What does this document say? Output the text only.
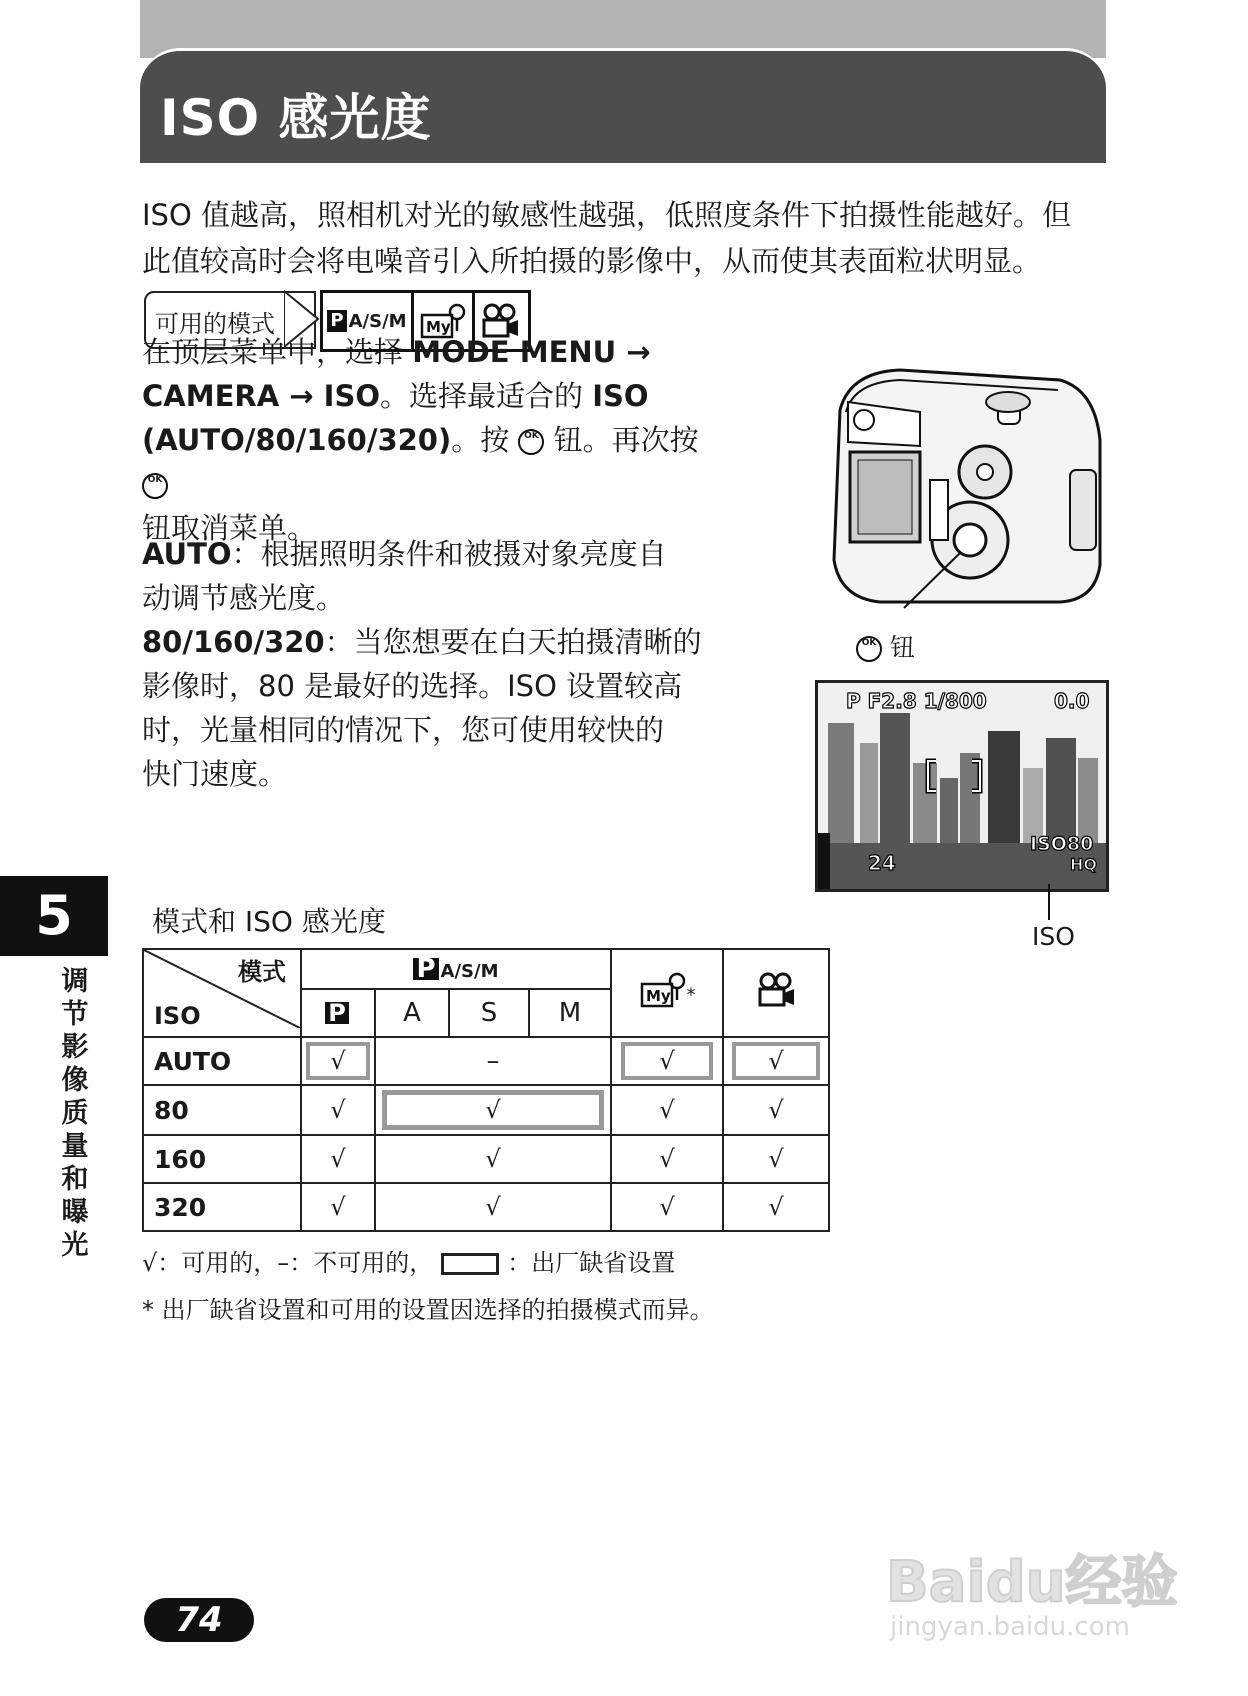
ISO 感光度
ISO 值越高，照相机对光的敏感性越强，低照度条件下拍摄性能越好。但
此值较高时会将电噪音引入所拍摄的影像中，从而使其表面粒状明显。
可用的模式	P A/S/M My
在顶层菜单中，选择 MODE MENU →
CAMERA → ISO。选择最适合的 ISO
(AUTO/80/160/320)。按 OK 钮。再次按 OK
钮取消菜单。
AUTO：根据照明条件和被摄对象亮度自
动调节感光度。
80/160/320：当您想要在白天拍摄清晰的
影像时，80 是最好的选择。ISO 设置较高
时，光量相同的情况下，您可使用较快的
快门速度。
OK 钮
P F2.8 1/800	0.0
ISO80
HQ
24
ISO
5
调
节
影
像
质
量
和
曝
光
模式和 ISO 感光度
模式
ISO	P A/S/M				My *	
	P	A	S	M		
AUTO	√	–			√	√
80	√	√			√	√
160	√	√			√	√
320	√	√			√	√
√：可用的，–：不可用的，	：出厂缺省设置
* 出厂缺省设置和可用的设置因选择的拍摄模式而异。
74
Baidu经验
jingyan.baidu.com
